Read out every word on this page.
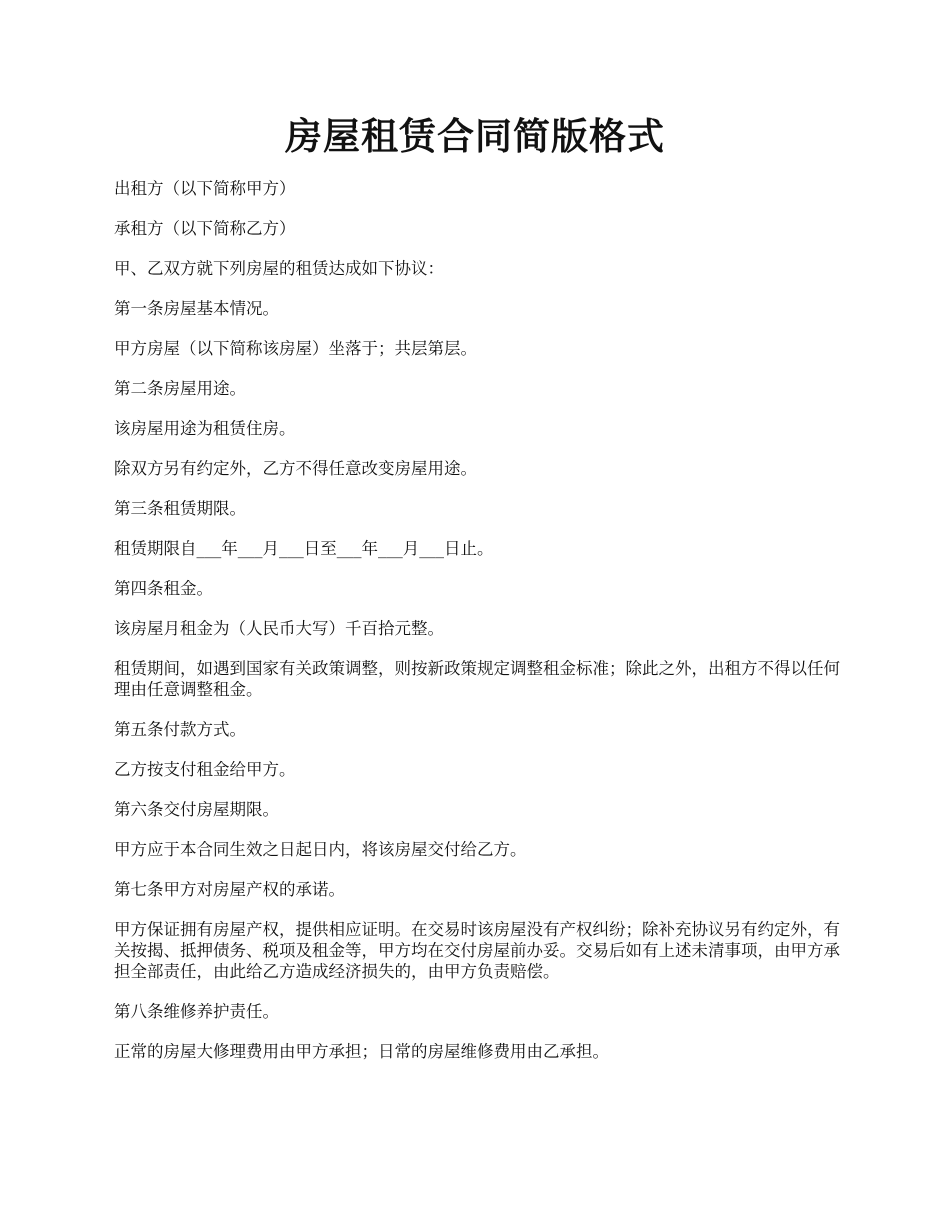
房屋租赁合同简版格式

出租方（以下简称甲方）

承租方（以下简称乙方）

甲、乙双方就下列房屋的租赁达成如下协议：

第一条房屋基本情况。

甲方房屋（以下简称该房屋）坐落于；共层第层。

第二条房屋用途。

该房屋用途为租赁住房。

除双方另有约定外，乙方不得任意改变房屋用途。

第三条租赁期限。

租赁期限自___年___月___日至___年___月___日止。

第四条租金。

该房屋月租金为（人民币大写）千百拾元整。

租赁期间，如遇到国家有关政策调整，则按新政策规定调整租金标准；除此之外，出租方不得以任何理由任意调整租金。

第五条付款方式。

乙方按支付租金给甲方。

第六条交付房屋期限。

甲方应于本合同生效之日起日内，将该房屋交付给乙方。

第七条甲方对房屋产权的承诺。

甲方保证拥有房屋产权，提供相应证明。在交易时该房屋没有产权纠纷；除补充协议另有约定外，有关按揭、抵押债务、税项及租金等，甲方均在交付房屋前办妥。交易后如有上述未清事项，由甲方承担全部责任，由此给乙方造成经济损失的，由甲方负责赔偿。

第八条维修养护责任。

正常的房屋大修理费用由甲方承担；日常的房屋维修费用由乙承担。
